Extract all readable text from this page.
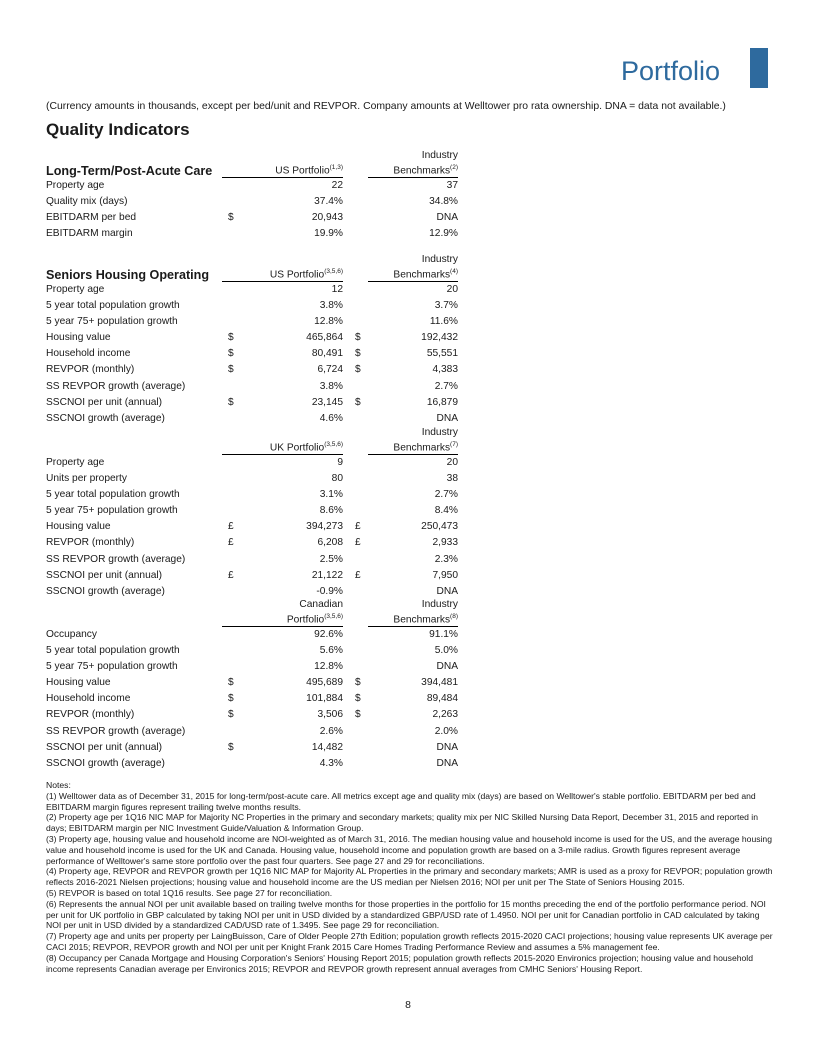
Portfolio
(Currency amounts in thousands, except per bed/unit and REVPOR. Company amounts at Welltower pro rata ownership. DNA = data not available.)
Quality Indicators
Long-Term/Post-Acute Care	US Portfolio$^{(1,3)}$
Industry
Benchmarks$^{(2)}$
Property age	22	37
Quality mix (days)	37.4%	34.8%
EBITDARM per bed	$	20,943	DNA
EBITDARM margin	19.9%	12.9%
Seniors Housing Operating	US Portfolio$^{(3,5,6)}$
Industry
Benchmarks$^{(4)}$
Property age	12	20
5 year total population growth	3.8%	3.7%
5 year 75+ population growth	12.8%	11.6%
Housing value	$	465,864 $	192,432
Household income	$	80,491 $	55,551
REVPOR (monthly)	$	6,724 $	4,383
SS REVPOR growth (average)	3.8%	2.7%
SSCNOI per unit (annual)	$	23,145 $	16,879
SSCNOI growth (average)	4.6%	DNA
UK Portfolio$^{(3,5,6)}$
Industry
Benchmarks$^{(7)}$
Property age	9	20
Units per property	80	38
5 year total population growth	3.1%	2.7%
5 year 75+ population growth	8.6%	8.4%
Housing value	£	394,273 £	250,473
REVPOR (monthly)	£	6,208 £	2,933
SS REVPOR growth (average)	2.5%	2.3%
SSCNOI per unit (annual)	£	21,122 £	7,950
SSCNOI growth (average)	-0.9%	DNA
Canadian
Portfolio$^{(3,5,6)}$
Industry
Benchmarks$^{(8)}$
Occupancy	92.6%	91.1%
5 year total population growth	5.6%	5.0%
5 year 75+ population growth	12.8%	DNA
Housing value	$	495,689 $	394,481
Household income	$	101,884 $	89,484
REVPOR (monthly)	$	3,506 $	2,263
SS REVPOR growth (average)	2.6%	2.0%
SSCNOI per unit (annual)	$	14,482	DNA
SSCNOI growth (average)	4.3%	DNA
Notes:
(1) Welltower data as of December 31, 2015 for long-term/post-acute care. All metrics except age and quality mix (days) are based on Welltower's stable portfolio. EBITDARM per bed and EBITDARM margin figures represent trailing twelve months results.
(2) Property age per 1Q16 NIC MAP for Majority NC Properties in the primary and secondary markets; quality mix per NIC Skilled Nursing Data Report, December 31, 2015 and reported in days; EBITDARM margin per NIC Investment Guide/Valuation & Information Group.
(3) Property age, housing value and household income are NOI-weighted as of March 31, 2016. The median housing value and household income is used for the US, and the average housing value and household income is used for the UK and Canada. Housing value, household income and population growth are based on a 3-mile radius. Growth figures represent average performance of Welltower's same store portfolio over the past four quarters. See page 27 and 29 for reconciliations.
(4) Property age, REVPOR and REVPOR growth per 1Q16 NIC MAP for Majority AL Properties in the primary and secondary markets; AMR is used as a proxy for REVPOR; population growth reflects 2016-2021 Nielsen projections; housing value and household income are the US median per Nielsen 2016; NOI per unit per The State of Seniors Housing 2015.
(5) REVPOR is based on total 1Q16 results. See page 27 for reconciliation.
(6) Represents the annual NOI per unit available based on trailing twelve months for those properties in the portfolio for 15 months preceding the end of the portfolio performance period. NOI per unit for UK portfolio in GBP calculated by taking NOI per unit in USD divided by a standardized GBP/USD rate of 1.4950. NOI per unit for Canadian portfolio in CAD calculated by taking NOI per unit in USD divided by a standardized CAD/USD rate of 1.3495. See page 29 for reconciliation.
(7) Property age and units per property per LaingBuisson, Care of Older People 27th Edition; population growth reflects 2015-2020 CACI projections; housing value represents UK average per CACI 2015; REVPOR, REVPOR growth and NOI per unit per Knight Frank 2015 Care Homes Trading Performance Review and assumes a 5% management fee.
(8) Occupancy per Canada Mortgage and Housing Corporation's Seniors' Housing Report 2015; population growth reflects 2015-2020 Environics projection; housing value and household income represents Canadian average per Environics 2015; REVPOR and REVPOR growth represent annual averages from CMHC Seniors' Housing Report.
8
